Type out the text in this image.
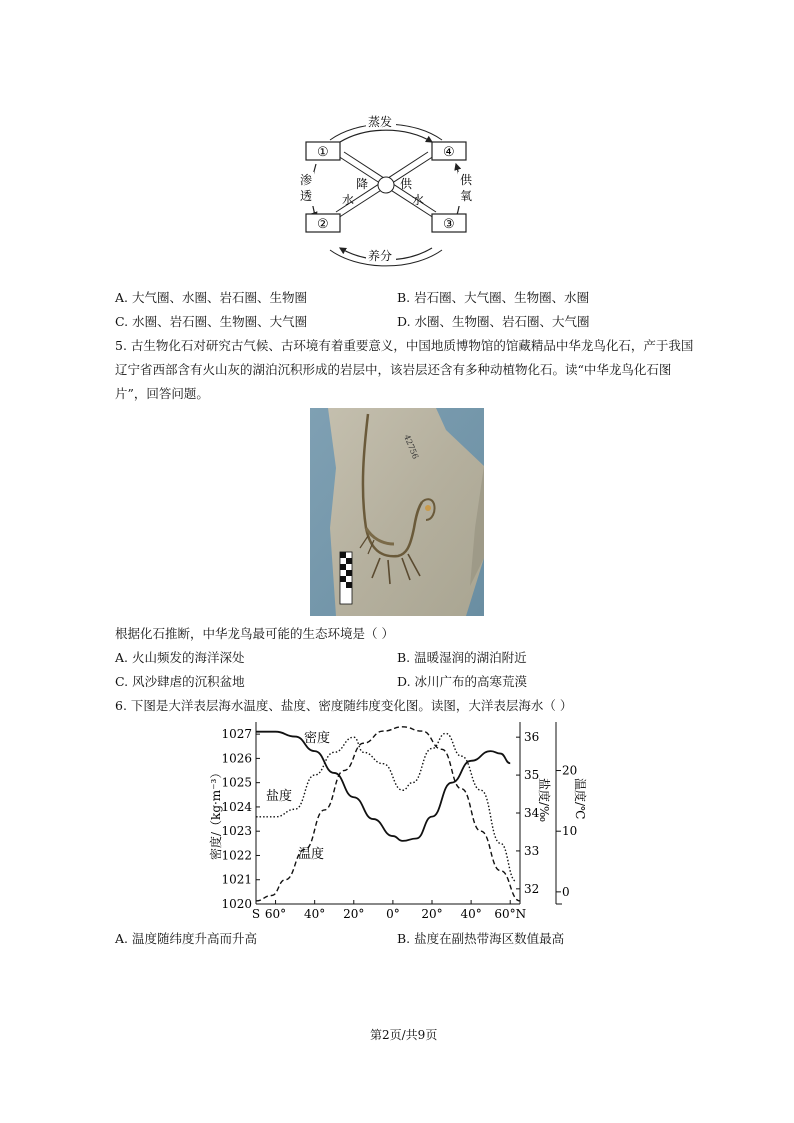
①	④
②	③
蒸发
养分
渗
透
供
氧
降
水
供
水
A. 大气圈、水圈、岩石圈、生物圈	B. 岩石圈、大气圈、生物圈、水圈
C. 水圈、岩石圈、生物圈、大气圈	D. 水圈、生物圈、岩石圈、大气圈
5. 古生物化石对研究古气候、古环境有着重要意义，中国地质博物馆的馆藏精品中华龙鸟化石，产于我国
辽宁省西部含有火山灰的湖泊沉积形成的岩层中，该岩层还含有多种动植物化石。读“中华龙鸟化石图
片”，回答问题。
42756
根据化石推断，中华龙鸟最可能的生态环境是（ ）
A. 火山频发的海洋深处	B. 温暖湿润的湖泊附近
C. 风沙肆虐的沉积盆地	D. 冰川广布的高寒荒漠
6. 下图是大洋表层海水温度、盐度、密度随纬度变化图。读图，大洋表层海水（ ）
密度/（kg·m⁻³）	盐度/‰ 温度/℃
S 60° 40° 20° 0° 20° 40° 60°N
1020
1021
1022
1023
1024
1025
1026
1027
32
33
34
35
36
0
10
20
密度
盐度
温度
A. 温度随纬度升高而升高	B. 盐度在副热带海区数值最高
第2页/共9页
